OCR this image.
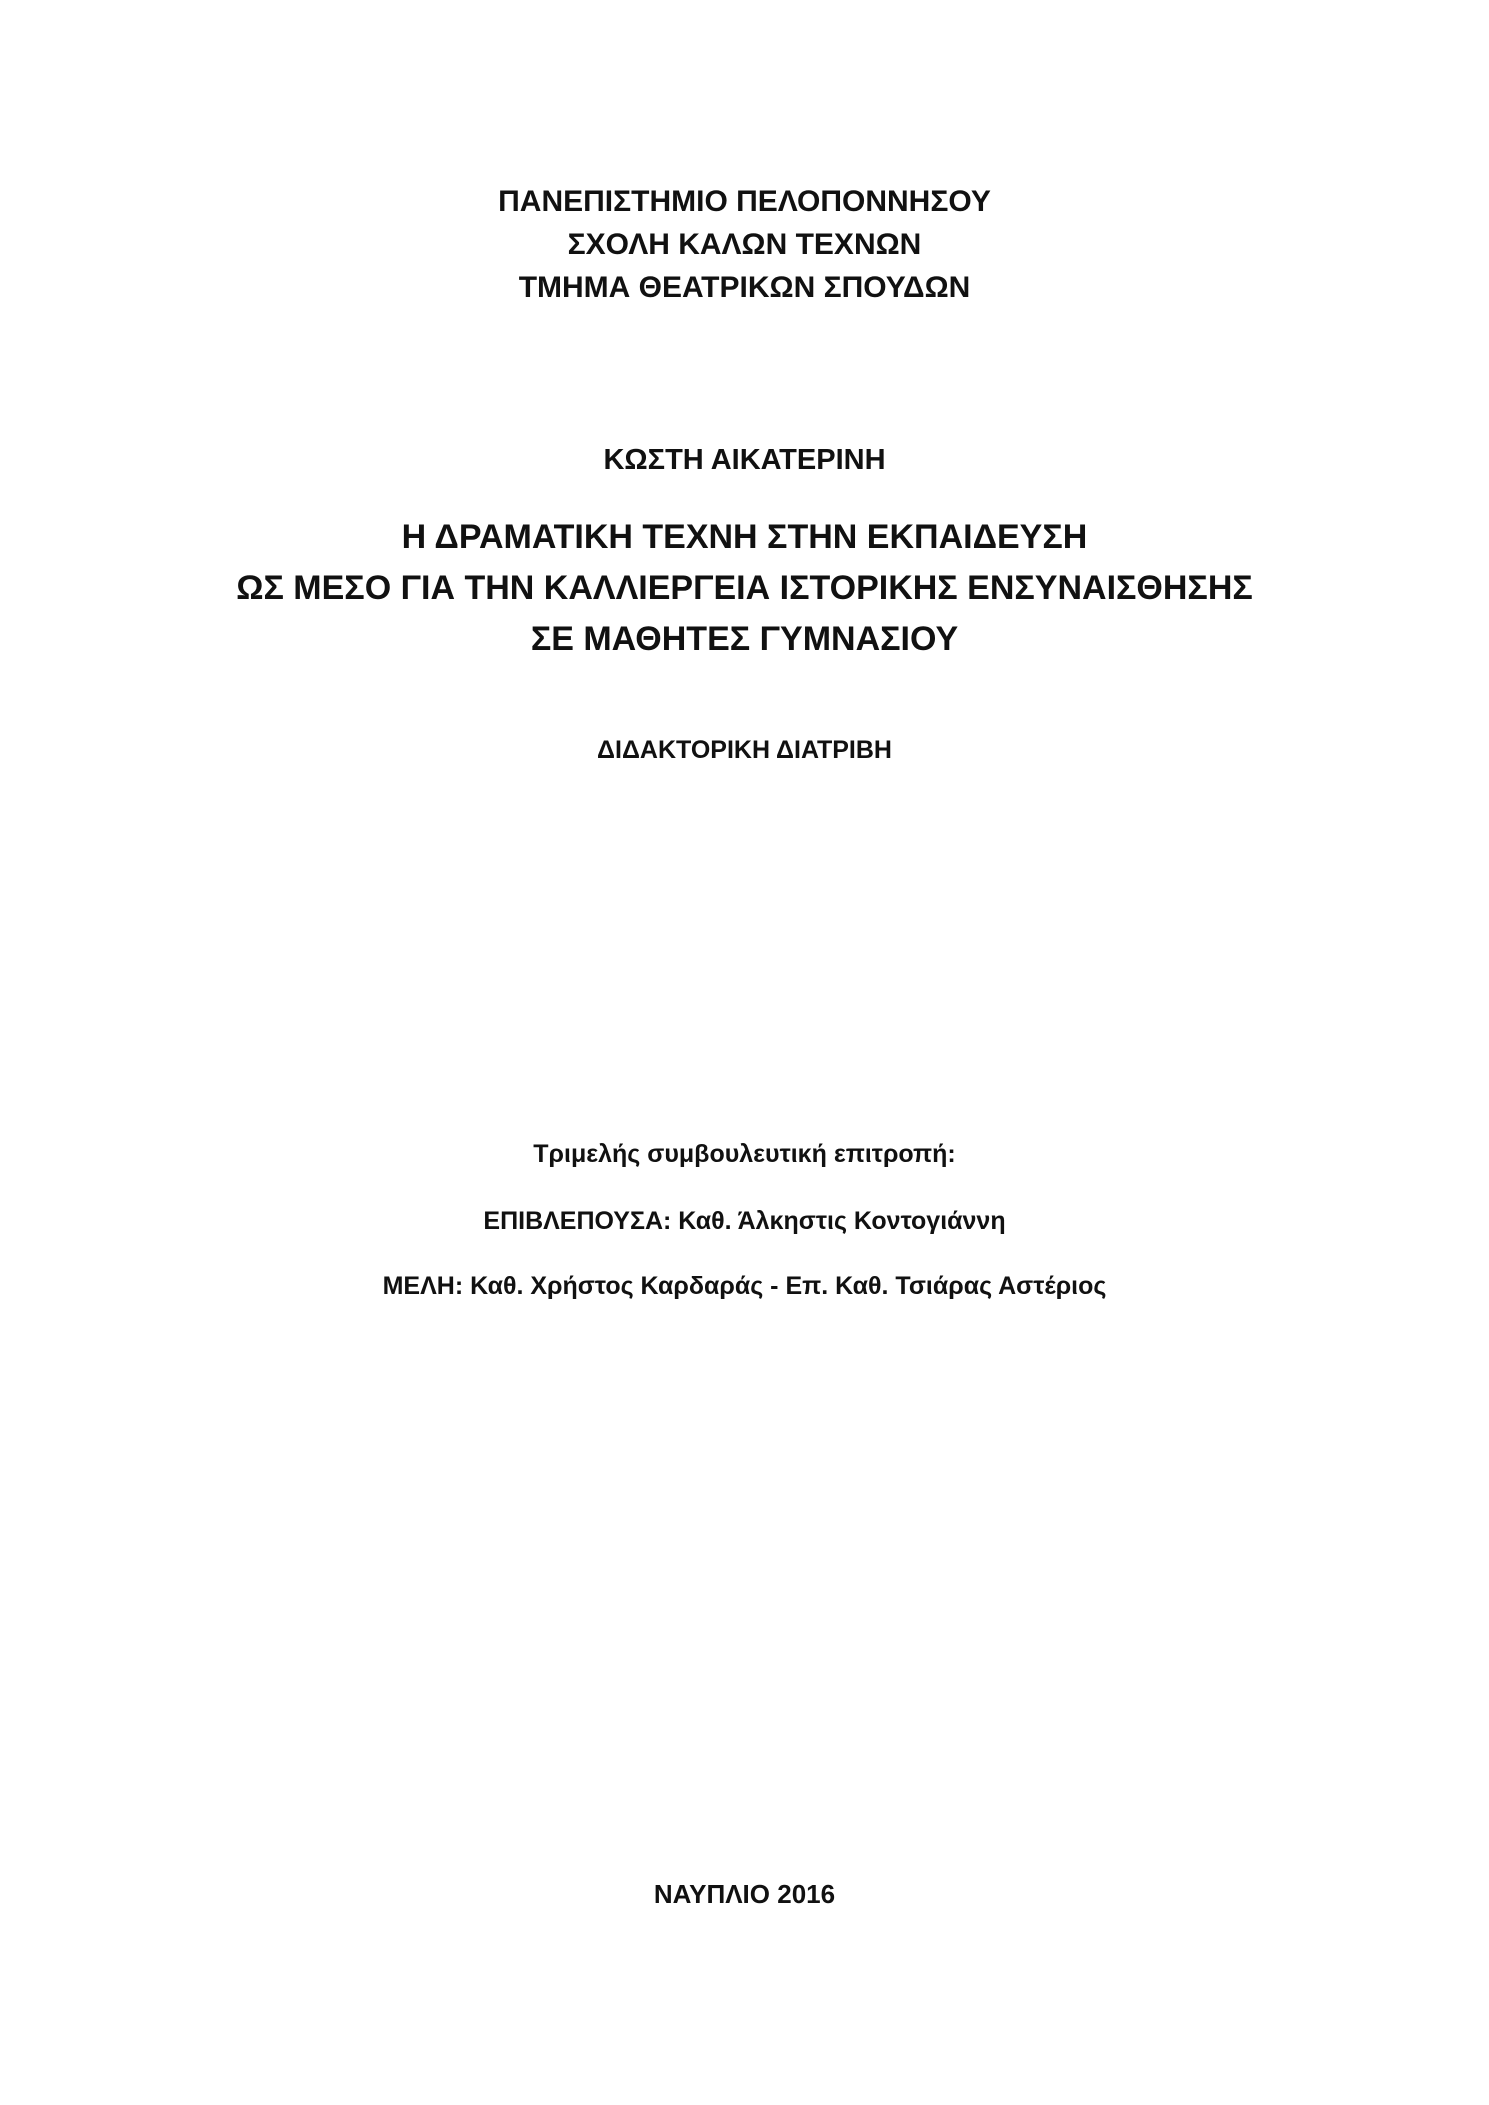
ΠΑΝΕΠΙΣΤΗΜΙΟ ΠΕΛΟΠΟΝΝΗΣΟΥ
ΣΧΟΛΗ ΚΑΛΩΝ ΤΕΧΝΩΝ
ΤΜΗΜΑ ΘΕΑΤΡΙΚΩΝ ΣΠΟΥΔΩΝ
ΚΩΣΤΗ ΑΙΚΑΤΕΡΙΝΗ
Η ΔΡΑΜΑΤΙΚΗ ΤΕΧΝΗ ΣΤΗΝ ΕΚΠΑΙΔΕΥΣΗ
ΩΣ ΜΕΣΟ ΓΙΑ ΤΗΝ ΚΑΛΛΙΕΡΓΕΙΑ ΙΣΤΟΡΙΚΗΣ ΕΝΣΥΝΑΙΣΘΗΣΗΣ
ΣΕ ΜΑΘΗΤΕΣ ΓΥΜΝΑΣΙΟΥ
ΔΙΔΑΚΤΟΡΙΚΗ ΔΙΑΤΡΙΒΗ
Τριμελής συμβουλευτική επιτροπή:
ΕΠΙΒΛΕΠΟΥΣΑ: Καθ. Άλκηστις Κοντογιάννη
ΜΕΛΗ: Καθ. Χρήστος Καρδαράς - Επ. Καθ. Τσιάρας Αστέριος
ΝΑΥΠΛΙΟ 2016
